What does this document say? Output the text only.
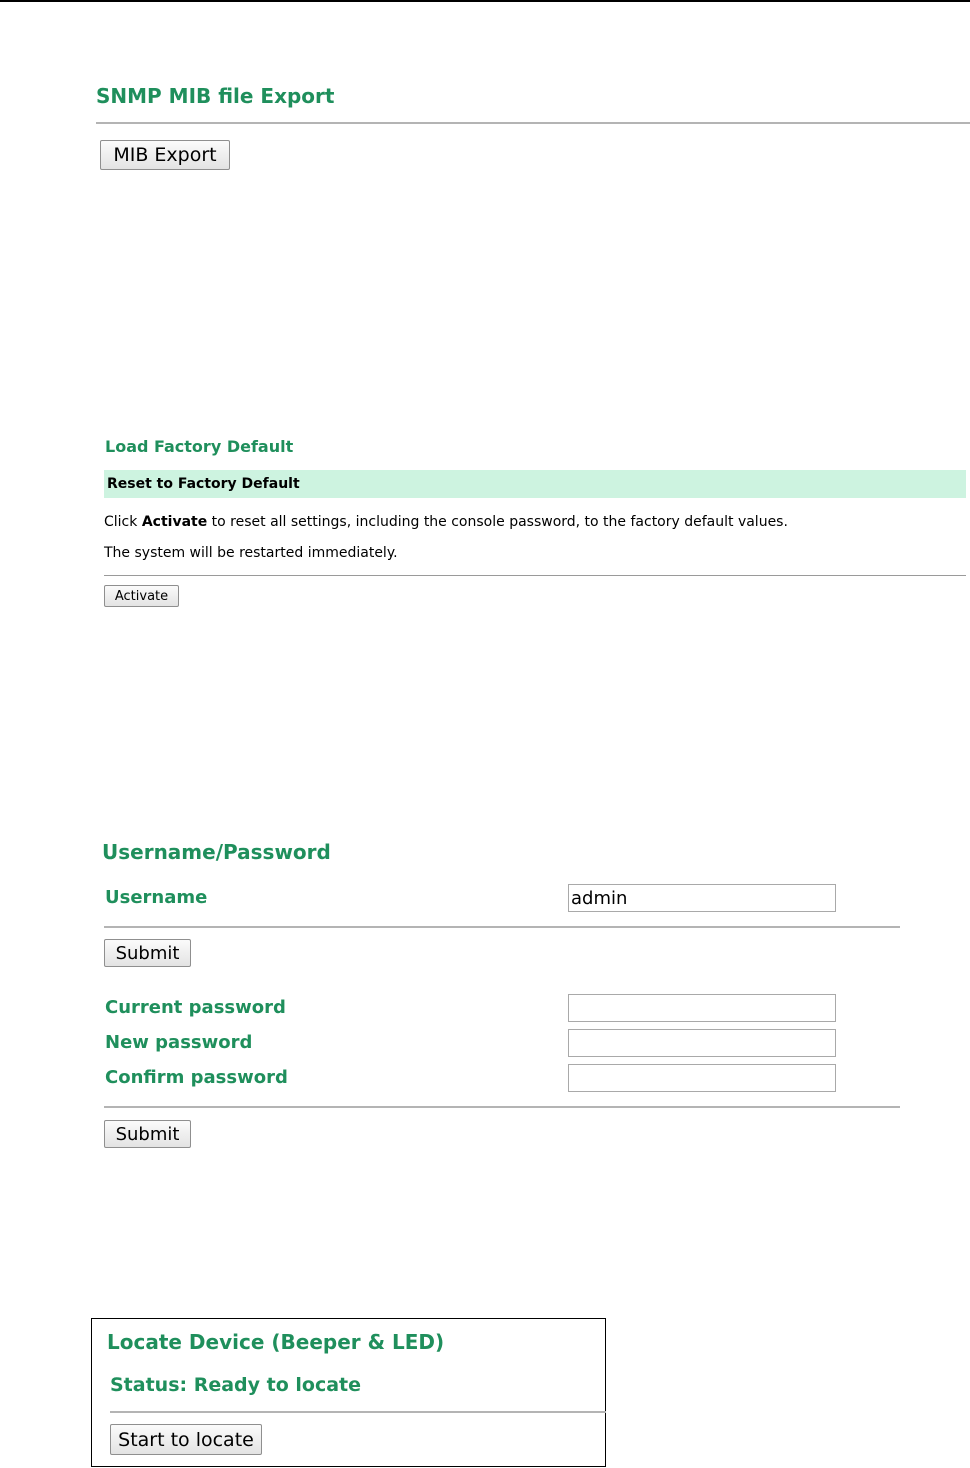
SNMP MIB file Export
MIB Export
Load Factory Default
Reset to Factory Default
Click Activate to reset all settings, including the console password, to the factory default values.
The system will be restarted immediately.
Activate
Username/Password
Username
admin
Submit
Current password
New password
Confirm password
Submit
Locate Device (Beeper & LED)
Status: Ready to locate
Start to locate
